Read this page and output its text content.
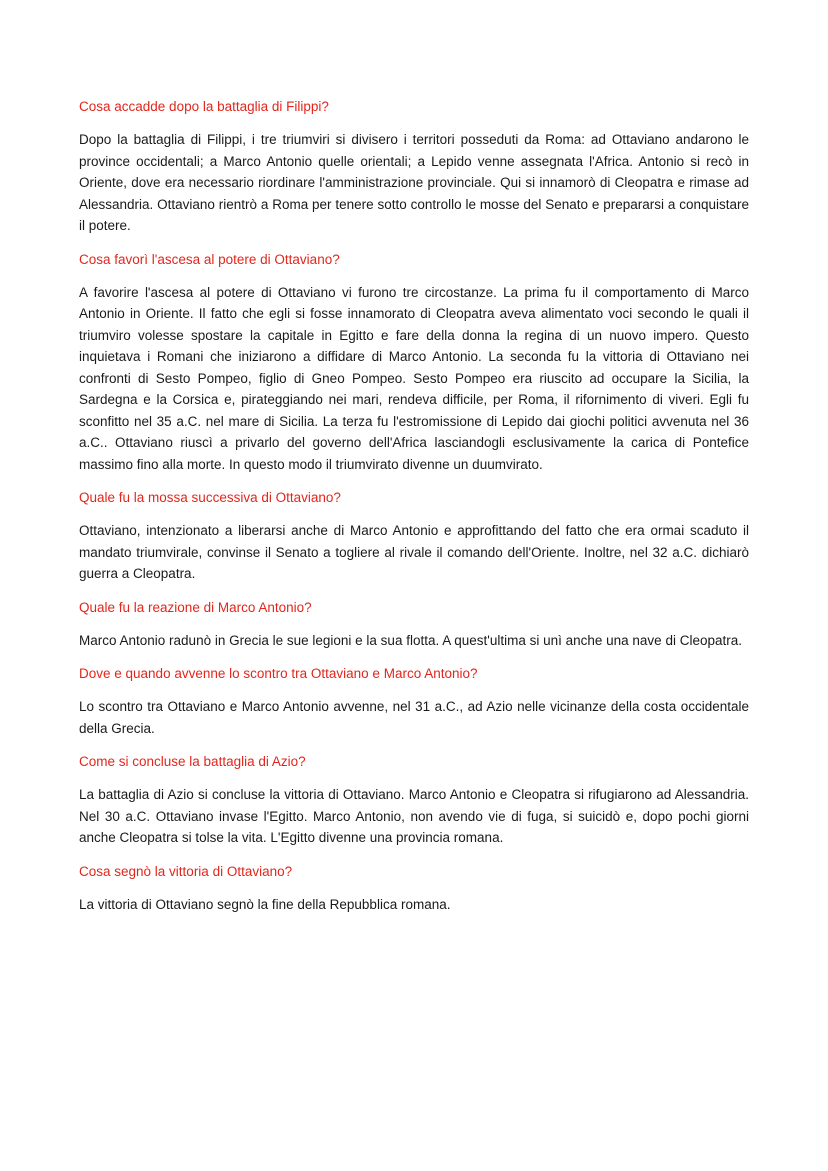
Cosa accadde dopo la battaglia di Filippi?

Dopo la battaglia di Filippi, i tre triumviri si divisero i territori posseduti da Roma: ad Ottaviano andarono le province occidentali; a Marco Antonio quelle orientali; a Lepido venne assegnata l'Africa. Antonio si recò in Oriente, dove era necessario riordinare l'amministrazione provinciale. Qui si innamorò di Cleopatra e rimase ad Alessandria. Ottaviano rientrò a Roma per tenere sotto controllo le mosse del Senato e prepararsi a conquistare il potere.

Cosa favorì l'ascesa al potere di Ottaviano?

A favorire l'ascesa al potere di Ottaviano vi furono tre circostanze. La prima fu il comportamento di Marco Antonio in Oriente. Il fatto che egli si fosse innamorato di Cleopatra aveva alimentato voci secondo le quali il triumviro volesse spostare la capitale in Egitto e fare della donna la regina di un nuovo impero. Questo inquietava i Romani che iniziarono a diffidare di Marco Antonio. La seconda fu la vittoria di Ottaviano nei confronti di Sesto Pompeo, figlio di Gneo Pompeo. Sesto Pompeo era riuscito ad occupare la Sicilia, la Sardegna e la Corsica e, pirateggiando nei mari, rendeva difficile, per Roma, il rifornimento di viveri. Egli fu sconfitto nel 35 a.C. nel mare di Sicilia. La terza fu l'estromissione di Lepido dai giochi politici avvenuta nel 36 a.C.. Ottaviano riuscì a privarlo del governo dell'Africa lasciandogli esclusivamente la carica di Pontefice massimo fino alla morte. In questo modo il triumvirato divenne un duumvirato.

Quale fu la mossa successiva di Ottaviano?

Ottaviano, intenzionato a liberarsi anche di Marco Antonio e approfittando del fatto che era ormai scaduto il mandato triumvirale, convinse il Senato a togliere al rivale il comando dell'Oriente. Inoltre, nel 32 a.C. dichiarò guerra a Cleopatra.

Quale fu la reazione di Marco Antonio?

Marco Antonio radunò in Grecia le sue legioni e la sua flotta. A quest'ultima si unì anche una nave di Cleopatra.

Dove e quando avvenne lo scontro tra Ottaviano e Marco Antonio?

Lo scontro tra Ottaviano e Marco Antonio avvenne, nel 31 a.C., ad Azio nelle vicinanze della costa occidentale della Grecia.

Come si concluse la battaglia di Azio?

La battaglia di Azio si concluse la vittoria di Ottaviano. Marco Antonio e Cleopatra si rifugiarono ad Alessandria. Nel 30 a.C. Ottaviano invase l'Egitto. Marco Antonio, non avendo vie di fuga, si suicidò e, dopo pochi giorni anche Cleopatra si tolse la vita. L'Egitto divenne una provincia romana.

Cosa segnò la vittoria di Ottaviano?

La vittoria di Ottaviano segnò la fine della Repubblica romana.
